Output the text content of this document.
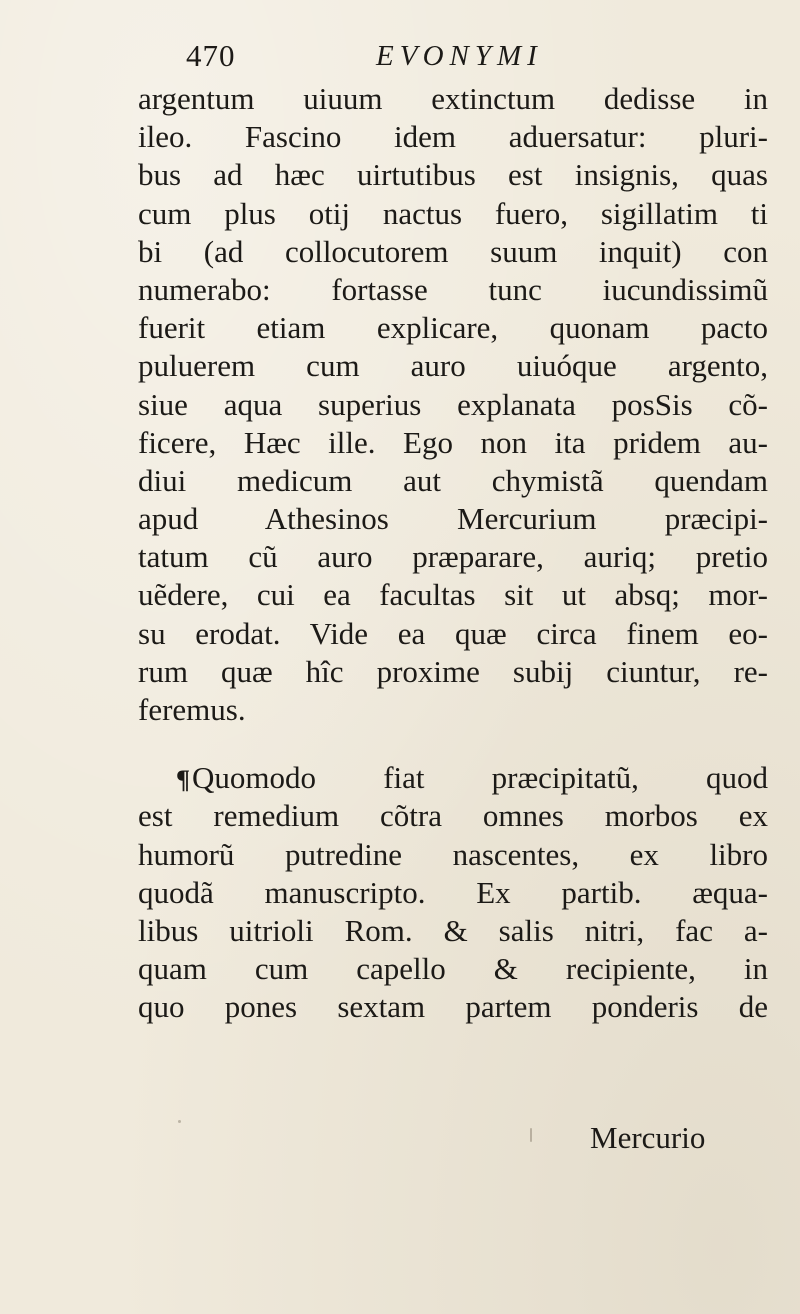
470	EVONYMI
argentum uiuum extinctum dedisse in
ileo. Fascino idem aduersatur: pluri-
bus ad hæc uirtutibus est insignis, quas
cum plus otij nactus fuero, sigillatim ti
bi (ad collocutorem suum inquit) con
numerabo: fortasse tunc iucundissimũ
fuerit etiam explicare, quonam pacto
puluerem cum auro uiuóque argento,
siue aqua superius explanata posSis cõ-
ficere, Hæc ille. Ego non ita pridem au-
diui medicum aut chymistã quendam
apud Athesinos Mercurium præcipi-
tatum cũ auro præparare, auriq; pretio
uẽdere, cui ea facultas sit ut absq; mor-
su erodat. Vide ea quæ circa finem eo-
rum quæ hîc proxime subij ciuntur, re-
feremus.
¶Quomodo fiat præcipitatũ, quod
est remedium cõtra omnes morbos ex
humorũ putredine nascentes, ex libro
quodã manuscripto. Ex partib. æqua-
libus uitrioli Rom. & salis nitri, fac a-
quam cum capello & recipiente, in
quo pones sextam partem ponderis de
Mercurio
